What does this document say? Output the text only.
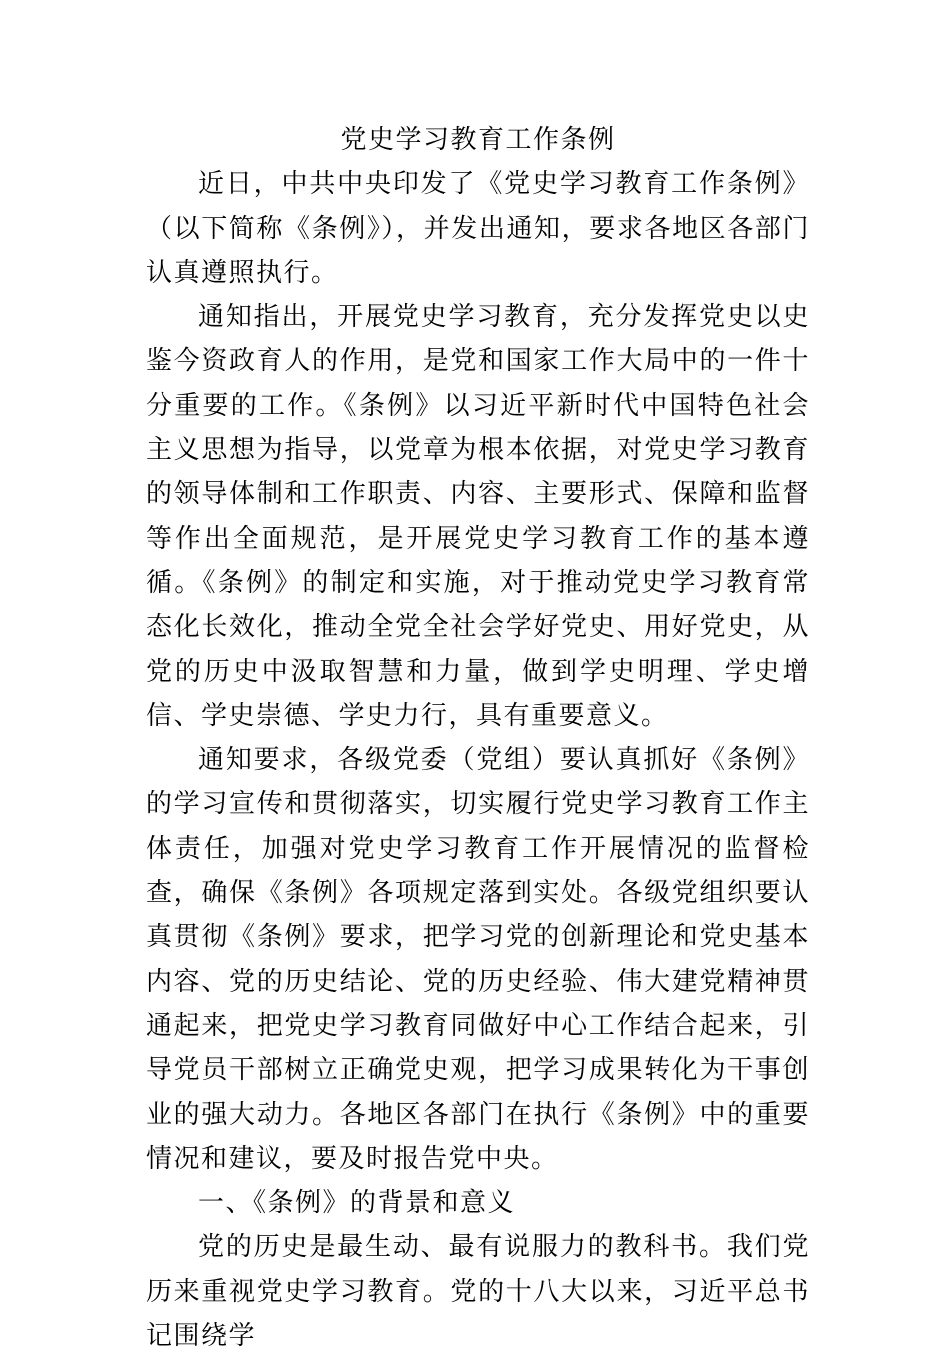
党史学习教育工作条例

近日，中共中央印发了《党史学习教育工作条例》（以下简称《条例》），并发出通知，要求各地区各部门认真遵照执行。

通知指出，开展党史学习教育，充分发挥党史以史鉴今资政育人的作用，是党和国家工作大局中的一件十分重要的工作。《条例》以习近平新时代中国特色社会主义思想为指导，以党章为根本依据，对党史学习教育的领导体制和工作职责、内容、主要形式、保障和监督等作出全面规范，是开展党史学习教育工作的基本遵循。《条例》的制定和实施，对于推动党史学习教育常态化长效化，推动全党全社会学好党史、用好党史，从党的历史中汲取智慧和力量，做到学史明理、学史增信、学史崇德、学史力行，具有重要意义。

通知要求，各级党委（党组）要认真抓好《条例》的学习宣传和贯彻落实，切实履行党史学习教育工作主体责任，加强对党史学习教育工作开展情况的监督检查，确保《条例》各项规定落到实处。各级党组织要认真贯彻《条例》要求，把学习党的创新理论和党史基本内容、党的历史结论、党的历史经验、伟大建党精神贯通起来，把党史学习教育同做好中心工作结合起来，引导党员干部树立正确党史观，把学习成果转化为干事创业的强大动力。各地区各部门在执行《条例》中的重要情况和建议，要及时报告党中央。

一、《条例》的背景和意义

党的历史是最生动、最有说服力的教科书。我们党历来重视党史学习教育。党的十八大以来，习近平总书记围绕学
